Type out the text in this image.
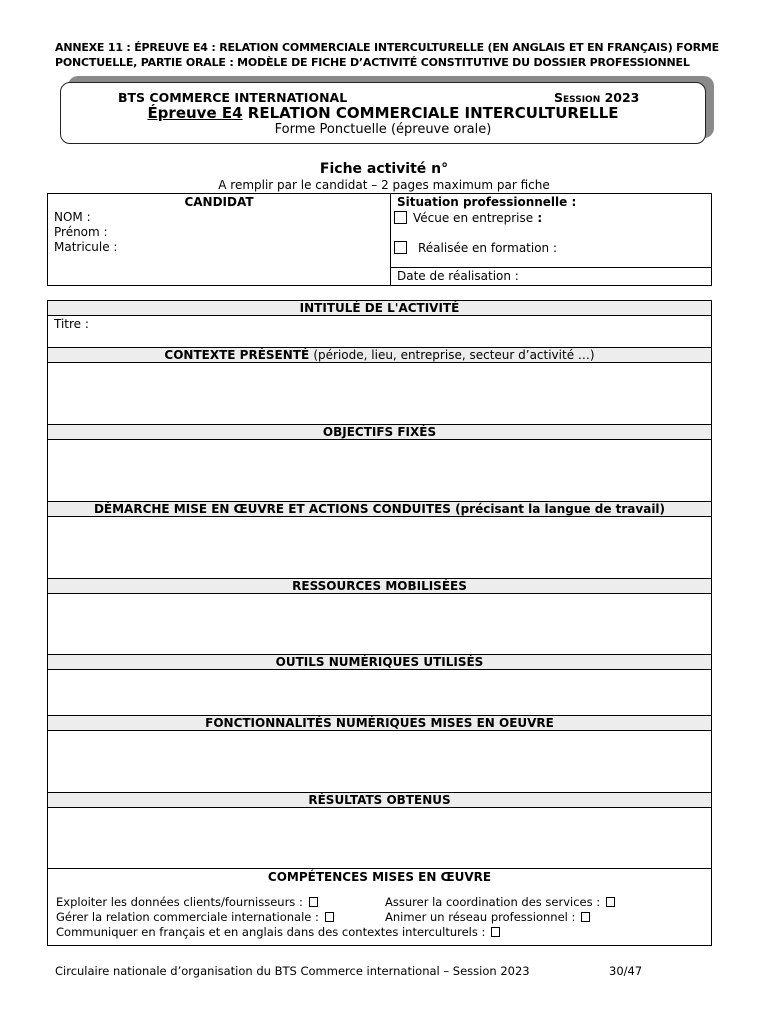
ANNEXE 11 : ÉPREUVE E4 : RELATION COMMERCIALE INTERCULTURELLE (EN ANGLAIS ET EN FRANÇAIS) FORME
PONCTUELLE, PARTIE ORALE : MODÈLE DE FICHE D’ACTIVITÉ CONSTITUTIVE DU DOSSIER PROFESSIONNEL
BTS COMMERCE INTERNATIONAL	Session 2023
Épreuve E4 RELATION COMMERCIALE INTERCULTURELLE
Forme Ponctuelle (épreuve orale)
Fiche activité n°
A remplir par le candidat – 2 pages maximum par fiche
CANDIDAT
NOM :
Prénom :
Matricule :

Situation professionnelle :
Vécue en entreprise :
Réalisée en formation :
Date de réalisation :
INTITULÉ DE L'ACTIVITÉ
Titre :
CONTEXTE PRÉSENTÉ (période, lieu, entreprise, secteur d’activité …)
OBJECTIFS FIXÉS
DÉMARCHE MISE EN ŒUVRE ET ACTIONS CONDUITES (précisant la langue de travail)
RESSOURCES MOBILISÉES
OUTILS NUMÉRIQUES UTILISÉS
FONCTIONNALITÉS NUMÉRIQUES MISES EN OEUVRE
RÉSULTATS OBTENUS
COMPÉTENCES MISES EN ŒUVRE
Exploiter les données clients/fournisseurs :	Assurer la coordination des services :
Gérer la relation commerciale internationale :	Animer un réseau professionnel :
Communiquer en français et en anglais dans des contextes interculturels :
Circulaire nationale d’organisation du BTS Commerce international – Session 2023	30/47
